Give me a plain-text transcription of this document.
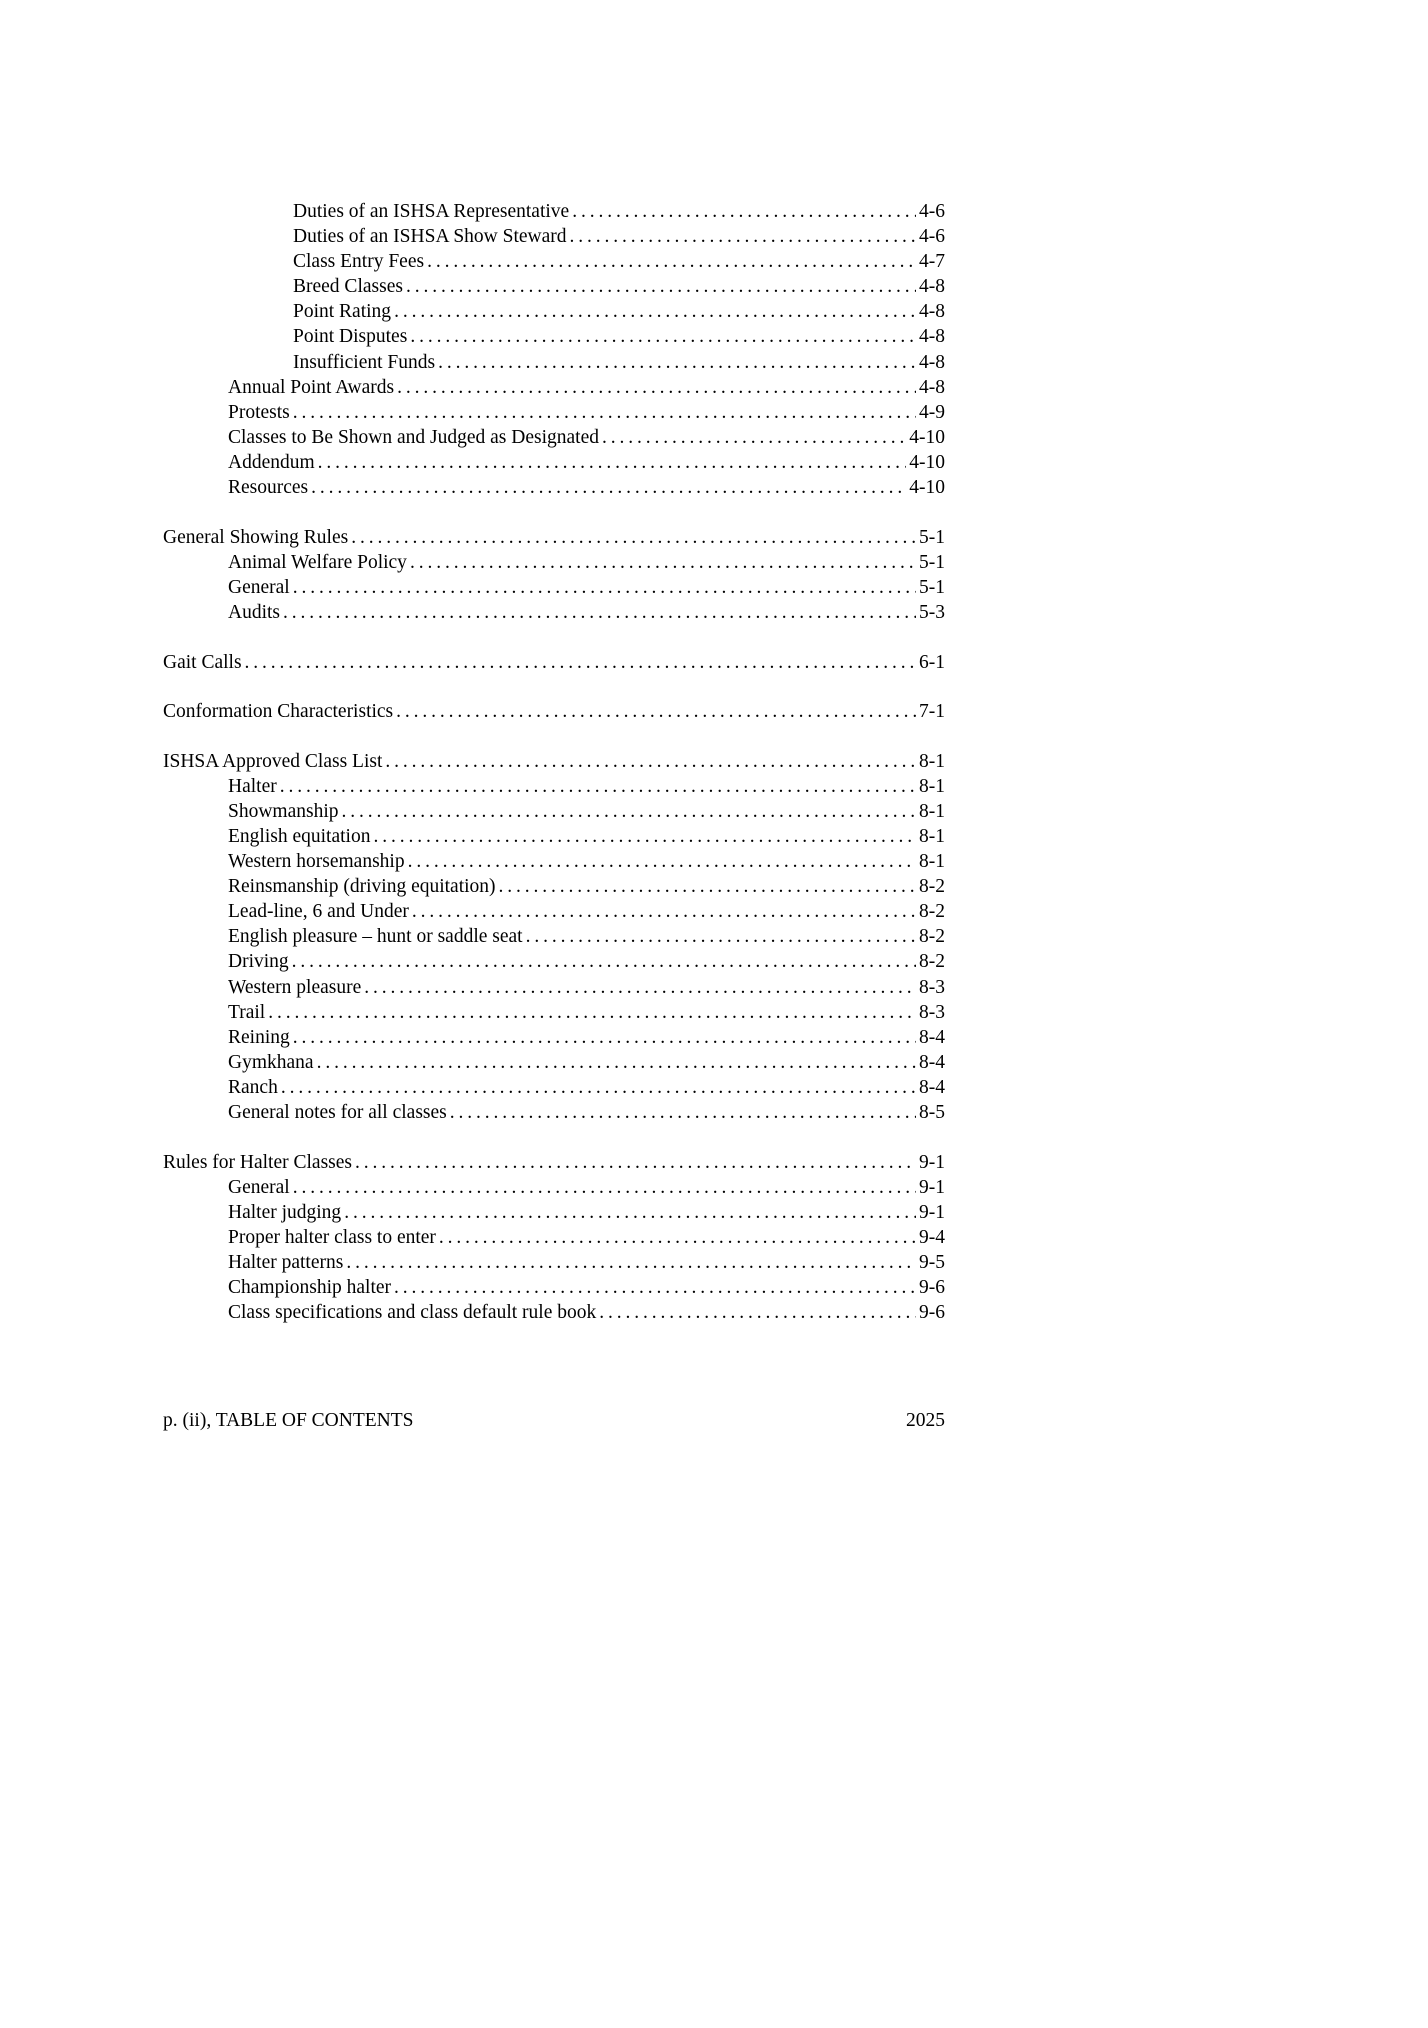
Duties of an ISHSA Representative . . .	4-6
Duties of an ISHSA Show Steward . . .	4-6
Class Entry Fees . . .	4-7
Breed Classes . . .	4-8
Point Rating . . .	4-8
Point Disputes . . .	4-8
Insufficient Funds . . .	4-8
Annual Point Awards . . .	4-8
Protests . . .	4-9
Classes to Be Shown and Judged as Designated . . .	4-10
Addendum . . .	4-10
Resources . . .	4-10
General Showing Rules . . .	5-1
Animal Welfare Policy . . .	5-1
General . . .	5-1
Audits . . .	5-3
Gait Calls . . .	6-1
Conformation Characteristics . . .	7-1
ISHSA Approved Class List . . .	8-1
Halter . . .	8-1
Showmanship . . .	8-1
English equitation . . .	8-1
Western horsemanship . . .	8-1
Reinsmanship (driving equitation) . . .	8-2
Lead-line, 6 and Under . . .	8-2
English pleasure – hunt or saddle seat . . .	8-2
Driving . . .	8-2
Western pleasure . . .	8-3
Trail . . .	8-3
Reining . . .	8-4
Gymkhana . . .	8-4
Ranch . . .	8-4
General notes for all classes . . .	8-5
Rules for Halter Classes . . .	9-1
General . . .	9-1
Halter judging . . .	9-1
Proper halter class to enter . . .	9-4
Halter patterns . . .	9-5
Championship halter . . .	9-6
Class specifications and class default rule book . . .	9-6
p. (ii), TABLE OF CONTENTS	2025
